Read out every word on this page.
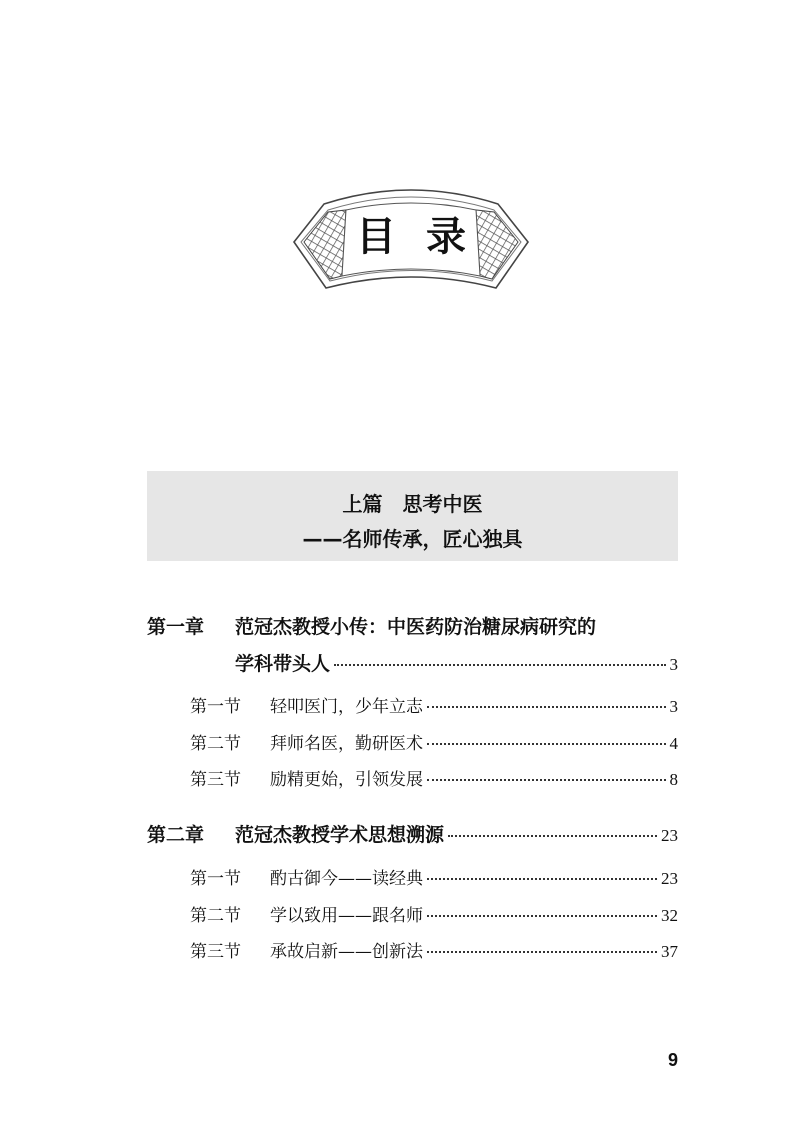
目录
上篇　思考中医
——名师传承，匠心独具
第一章	范冠杰教授小传：中医药防治糖尿病研究的
学科带头人	3
第一节	轻叩医门，少年立志	3
第二节	拜师名医，勤研医术	4
第三节	励精更始，引领发展	8
第二章	范冠杰教授学术思想溯源	23
第一节	酌古御今——读经典	23
第二节	学以致用——跟名师	32
第三节	承故启新——创新法	37
9
